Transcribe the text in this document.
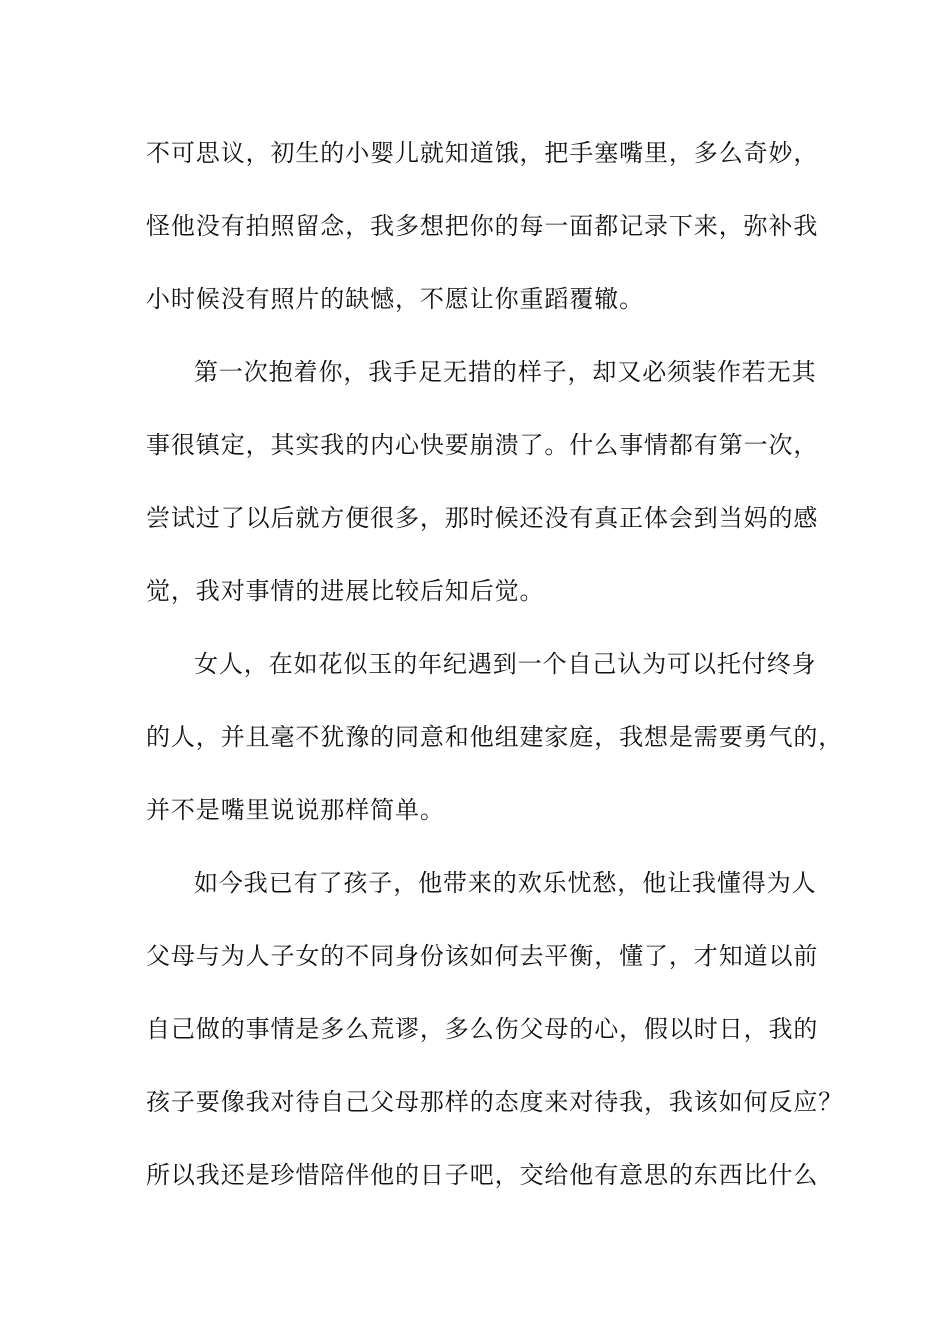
不可思议，初生的小婴儿就知道饿，把手塞嘴里，多么奇妙，
怪他没有拍照留念，我多想把你的每一面都记录下来，弥补我
小时候没有照片的缺憾，不愿让你重蹈覆辙。
第一次抱着你，我手足无措的样子，却又必须装作若无其
事很镇定，其实我的内心快要崩溃了。什么事情都有第一次，
尝试过了以后就方便很多，那时候还没有真正体会到当妈的感
觉，我对事情的进展比较后知后觉。
女人，在如花似玉的年纪遇到一个自己认为可以托付终身
的人，并且毫不犹豫的同意和他组建家庭，我想是需要勇气的，
并不是嘴里说说那样简单。
如今我已有了孩子，他带来的欢乐忧愁，他让我懂得为人
父母与为人子女的不同身份该如何去平衡，懂了，才知道以前
自己做的事情是多么荒谬，多么伤父母的心，假以时日，我的
孩子要像我对待自己父母那样的态度来对待我，我该如何反应？
所以我还是珍惜陪伴他的日子吧，交给他有意思的东西比什么
